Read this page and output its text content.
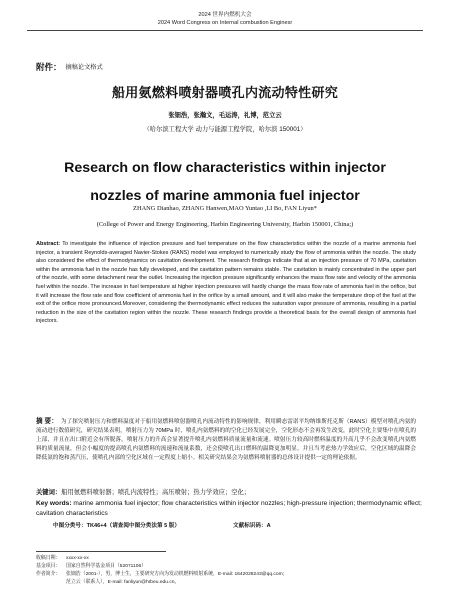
2024 世界内燃机大会
2024 Word Congress on Internal combustion Enginesr
附件： 摘稿论文格式
船用氨燃料喷射器喷孔内流动特性研究
张钿浩，张瀚文，毛运涛，礼博，范立云
（哈尔滨工程大学 动力与能源工程学院，哈尔滨 150001）
Research on flow characteristics within injector
nozzles of marine ammonia fuel injector
ZHANG Dianhao, ZHANG Hanwen,MAO Yuntao ,LI Bo, FAN Liyun*
(College of Power and Energy Engineering, Harbin Engineering University, Harbin 150001, China;)
Abstract: To investigate the influence of injection pressure and fuel temperature on the flow characteristics within the nozzle of a marine ammonia fuel injector, a transient Reynolds-averaged Navier-Stokes (RANS) model was employed to numerically study the flow of ammonia within the nozzle. The study also considered the effect of thermodynamics on cavitation development. The research findings indicate that at an injection pressure of 70 MPa, cavitation within the ammonia fuel in the nozzle has fully developed, and the cavitation pattern remains stable. The cavitation is mainly concentrated in the upper part of the nozzle, with some detachment near the outlet. Increasing the injection pressure significantly enhances the mass flow rate and velocity of the ammonia fuel within the nozzle. The increase in fuel temperature at higher injection pressures will hardly change the mass flow rate of ammonia fuel in the orifice, but it will increase the flow rate and flow coefficient of ammonia fuel in the orifice by a small amount, and it will also make the temperature drop of the fuel at the exit of the orifice more pronounced.Moreover, considering the thermodynamic effect reduces the saturation vapor pressure of ammonia, resulting in a partial reduction in the size of the cavitation region within the nozzle. These research findings provide a theoretical basis for the overall design of ammonia fuel injectors.
摘 要： 为了探究喷射压力和燃料温度对于船用氨燃料喷射器喷孔内流动特性的影响规律，利用瞬态雷诺平均纳维斯托克斯（RANS）模型对喷孔内氨的流动进行数值研究，研究结果表明，喷射压力为 70MPa 时，喷孔内氨燃料的的空化已经发展完全，空化形态不会再发生改变，此时空化主要集中在喷孔的上部，并且在出口附近会有所脱落。喷射压力的升高会显著提升喷孔内氨燃料质量流量和流速。喷射压力较高时燃料温度的升高几乎不会改变喷孔内氨燃料的质量流量，但会小幅度的提高喷孔内氨燃料的流速和流量系数，还会使喷孔出口燃料的温降更加明显。并且当考虑热力学效应后，空化区域的温降会降低氨的饱和蒸汽压，使喷孔内部的空化区域在一定程度上缩小。相关研究结果会为氨燃料喷射器的总体设计提供一定的理论依据。
关键词：船用氨燃料喷射器；喷孔内流特性；高压喷射；热力学效应；空化；
Key words: marine ammonia fuel injector; flow characteristics within injector nozzles; high-pressure injection; thermodynamic effect; cavitation characteristics
中图分类号：TK46+4（请查阅中图分类法第 5 版）	文献标识码：A
收稿日期：	xxxx-xx-xx
基金项目：	国家自然科学基金项目（52071106）
作者简介：	张钿浩（2001-），男，博士生，主要研究方向为发动机燃料喷射系统，E-mail: 1642028243@qq.com;
范立云（联系人），E-mail: fanliyun@hrbeu.edu.cn。
